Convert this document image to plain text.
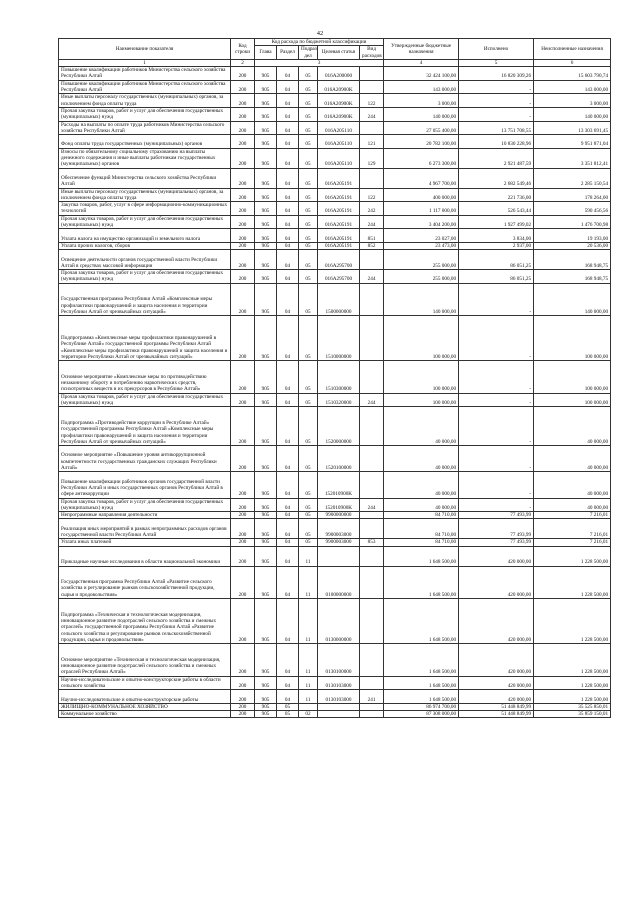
42
Наименование показателя	Код строки	Код расхода по бюджетной классификации					Утвержденные бюджетные назначения	Исполнено	Неисполненные назначения
		Глава	Раздел	Подраз дел	Целевая статья	Вид расходов			
1	2	3					4	5	6
Повышение квалификации работников Министерства сельского хозяйства Республики Алтай	200	905	04	05	016A200000		32 424 100,00	16 820 309,26	15 603 790,74
Повышение квалификации работников Министерства сельского хозяйства Республики Алтай	200	905	04	05	016A20900K		143 000,00	-	143 000,00
Иные выплаты персоналу государственных (муниципальных) органов, за исключением фонда оплаты труда	200	905	04	05	016A20900K	122	3 000,00	-	3 000,00
Прочая закупка товаров, работ и услуг для обеспечения государственных (муниципальных) нужд	200	905	04	05	016A20900K	244	140 000,00	-	140 000,00
Расходы на выплаты по оплате труда работников Министерства сельского хозяйства Республики Алтай	200	905	04	05	016A205110		27 055 400,00	13 751 708,55	13 303 691,45
Фонд оплаты труда государственных (муниципальных) органов	200	905	04	05	016A205110	121	20 782 100,00	10 830 228,96	9 951 871,04
Взносы по обязательному социальному страхованию на выплаты денежного содержания и иные выплаты работникам государственных (муниципальных) органов	200	905	04	05	016A205110	129	6 273 300,00	2 921 487,59	3 351 812,41
Обеспечение функций Министерства сельского хозяйства Республики Алтай	200	905	04	05	016A205191		4 967 700,00	2 682 549,46	2 285 150,54
Иные выплаты персоналу государственных (муниципальных) органов, за исключением фонда оплаты труда	200	905	04	05	016A205191	122	400 000,00	221 736,00	178 264,00
Закупка товаров, работ, услуг в сфере информационно-коммуникационных технологий	200	905	04	05	016A205191	242	1 117 000,00	526 543,44	590 456,56
Прочая закупка товаров, работ и услуг для обеспечения государственных (муниципальных) нужд	200	905	04	05	016A205191	244	3 404 200,00	1 927 499,02	1 476 700,98
Уплата налога на имущество организаций и земельного налога	200	905	04	05	016A205191	851	23 027,00	3 834,00	19 193,00
Уплата прочих налогов, сборов	200	905	04	05	016A205191	852	23 473,00	2 937,00	20 536,00
Освещение деятельности органов государственной власти Республики Алтай в средствах массовой информации	200	905	04	05	016A295700		255 000,00	86 051,25	168 948,75
Прочая закупка товаров, работ и услуг для обеспечения государственных (муниципальных) нужд	200	905	04	05	016A295700	244	255 000,00	86 051,25	168 948,75
Государственная программа Республики Алтай «Комплексные меры профилактики правонарушений и защита населения и территории Республики Алтай от чрезвычайных ситуаций»	200	905	04	05	1500000000		140 000,00	-	140 000,00
Подпрограмма «Комплексные меры профилактики правонарушений в Республике Алтай» государственной программы Республики Алтай «Комплексные меры профилактики правонарушений и защита населения и территории Республики Алтай от чрезвычайных ситуаций»	200	905	04	05	1510000000		100 000,00	-	100 000,00
Основное мероприятие «Комплексные меры по противодействию незаконному обороту и потреблению наркотических средств, психотропных веществ и их прекурсоров в Республике Алтай»	200	905	04	05	1510300000		100 000,00	-	100 000,00
Прочая закупка товаров, работ и услуг для обеспечения государственных (муниципальных) нужд	200	905	04	05	1510320000	244	100 000,00	-	100 000,00
Подпрограмма «Противодействие коррупции в Республике Алтай» государственной программы Республики Алтай «Комплексные меры профилактики правонарушений и защита населения и территории Республики Алтай от чрезвычайных ситуаций»	200	905	04	05	1520000000		40 000,00	-	40 000,00
Основное мероприятие «Повышение уровня антикоррупционной компетентности государственных гражданских служащих Республики Алтай»	200	905	04	05	1520100000		40 000,00	-	40 000,00
Повышение квалификации работников органов государственной власти Республики Алтай и иных государственных органов Республики Алтай в сфере антикоррупции	200	905	04	05	152010900K		40 000,00	-	40 000,00
Прочая закупка товаров, работ и услуг для обеспечения государственных (муниципальных) нужд	200	905	04	05	152010900K	244	40 000,00	-	40 000,00
Непрограммные направления деятельности	200	905	04	05	9900000000		84 710,00	77 493,99	7 216,01
Реализация иных мероприятий в рамках непрограммных расходов органов государственной власти Республики Алтай	200	905	04	05	9900003000		84 710,00	77 493,99	7 216,01
Уплата иных платежей	200	905	04	05	9900003000	853	84 710,00	77 493,99	7 216,01
Прикладные научные исследования в области национальной экономики	200	905	04	11			1 648 500,00	420 000,00	1 228 500,00
Государственная программа Республики Алтай «Развитие сельского хозяйства и регулирование рынков сельскохозяйственной продукции, сырья и продовольствия»	200	905	04	11	0100000000		1 648 500,00	420 000,00	1 228 500,00
Подпрограмма «Техническая и технологическая модернизация, инновационное развитие подотраслей сельского хозяйства и смежных отраслей» государственной программы Республики Алтай «Развитие сельского хозяйства и регулирование рынков сельскохозяйственной продукции, сырья и продовольствия»	200	905	04	11	0130000000		1 648 500,00	420 000,00	1 228 500,00
Основное мероприятие «Техническая и технологическая модернизация, инновационное развитие подотраслей сельского хозяйства и смежных отраслей Республики Алтай»	200	905	04	11	0130100000		1 648 500,00	420 000,00	1 228 500,00
Научно-исследовательские и опытно-конструкторские работы в области сельского хозяйства	200	905	04	11	0130103000		1 648 500,00	420 000,00	1 228 500,00
Научно-исследовательские и опытно-конструкторские работы	200	905	04	11	0130103000	241	1 648 500,00	420 000,00	1 228 500,00
ЖИЛИЩНО-КОММУНАЛЬНОЕ ХОЗЯЙСТВО	200	905	05				86 974 700,00	51 448 849,99	35 525 850,01
Коммунальное хозяйство	200	905	05	02			87 308 000,00	51 448 849,99	35 859 150,01
